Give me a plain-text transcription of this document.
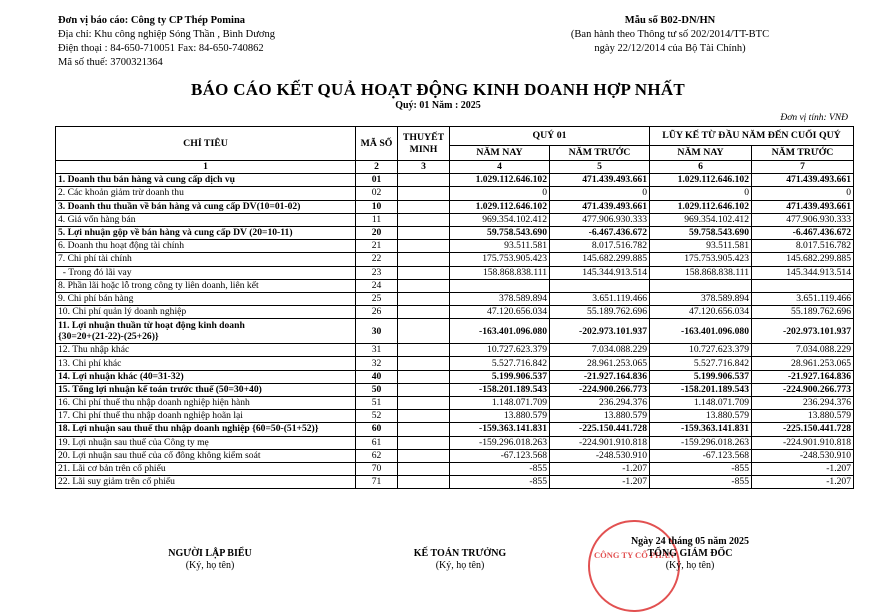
Đơn vị báo cáo: Công ty CP Thép Pomina
Địa chỉ: Khu công nghiệp Sóng Thần , Bình Dương
Điện thoại : 84-650-710051 Fax: 84-650-740862
Mã số thuế: 3700321364
Mẫu số B02-DN/HN
(Ban hành theo Thông tư số 202/2014/TT-BTC
ngày 22/12/2014 của Bộ Tài Chính)
BÁO CÁO KẾT QUẢ HOẠT ĐỘNG KINH DOANH HỢP NHẤT
Quý: 01 Năm : 2025
Đơn vị tính: VNĐ
CHỈ TIÊU	MÃ SỐ	THUYẾT MINH	QUÝ 01		LŨY KẾ TỪ ĐẦU NĂM ĐẾN CUỐI QUÝ	
			NĂM NAY	NĂM TRƯỚC	NĂM NAY	NĂM TRƯỚC
1	2	3	4	5	6	7
1. Doanh thu bán hàng và cung cấp dịch vụ	01		1.029.112.646.102	471.439.493.661	1.029.112.646.102	471.439.493.661
2. Các khoản giảm trừ doanh thu	02		0	0	0	0
3. Doanh thu thuần về bán hàng và cung cấp DV(10=01-02)	10		1.029.112.646.102	471.439.493.661	1.029.112.646.102	471.439.493.661
4. Giá vốn hàng bán	11		969.354.102.412	477.906.930.333	969.354.102.412	477.906.930.333
5. Lợi nhuận gộp về bán hàng và cung cấp DV (20=10-11)	20		59.758.543.690	-6.467.436.672	59.758.543.690	-6.467.436.672
6. Doanh thu hoạt động tài chính	21		93.511.581	8.017.516.782	93.511.581	8.017.516.782
7. Chi phí tài chính	22		175.753.905.423	145.682.299.885	175.753.905.423	145.682.299.885
- Trong đó lãi vay	23		158.868.838.111	145.344.913.514	158.868.838.111	145.344.913.514
8. Phần lãi hoặc lỗ trong công ty liên doanh, liên kết	24					
9. Chi phí bán hàng	25		378.589.894	3.651.119.466	378.589.894	3.651.119.466
10. Chi phí quản lý doanh nghiệp	26		47.120.656.034	55.189.762.696	47.120.656.034	55.189.762.696

11. Lợi nhuận thuần từ hoạt động kinh doanh
{30=20+(21-22)-(25+26)}	30		-163.401.096.080	-202.973.101.937	-163.401.096.080	-202.973.101.937
12. Thu nhập khác	31		10.727.623.379	7.034.088.229	10.727.623.379	7.034.088.229
13. Chi phí khác	32		5.527.716.842	28.961.253.065	5.527.716.842	28.961.253.065
14. Lợi nhuận khác (40=31-32)	40		5.199.906.537	-21.927.164.836	5.199.906.537	-21.927.164.836
15. Tổng lợi nhuận kế toán trước thuế (50=30+40)	50		-158.201.189.543	-224.900.266.773	-158.201.189.543	-224.900.266.773
16. Chi phí thuế thu nhập doanh nghiệp hiện hành	51		1.148.071.709	236.294.376	1.148.071.709	236.294.376
17. Chi phí thuế thu nhập doanh nghiệp hoãn lại	52		13.880.579	13.880.579	13.880.579	13.880.579
18. Lợi nhuận sau thuế thu nhập doanh nghiệp {60=50-(51+52)}	60		-159.363.141.831	-225.150.441.728	-159.363.141.831	-225.150.441.728
19. Lợi nhuận sau thuế của Công ty mẹ	61		-159.296.018.263	-224.901.910.818	-159.296.018.263	-224.901.910.818
20. Lợi nhuận sau thuế của cổ đông không kiểm soát	62		-67.123.568	-248.530.910	-67.123.568	-248.530.910
21. Lãi cơ bản trên cổ phiếu	70		-855	-1.207	-855	-1.207
22. Lãi suy giảm trên cổ phiếu	71		-855	-1.207	-855	-1.207
NGƯỜI LẬP BIỂU
(Ký, họ tên)
KẾ TOÁN TRƯỞNG
(Ký, họ tên)
CÔNG TY CỔ PHẦN
Ngày 24 tháng 05 năm 2025
TỔNG GIÁM ĐỐC
(Ký, họ tên)
